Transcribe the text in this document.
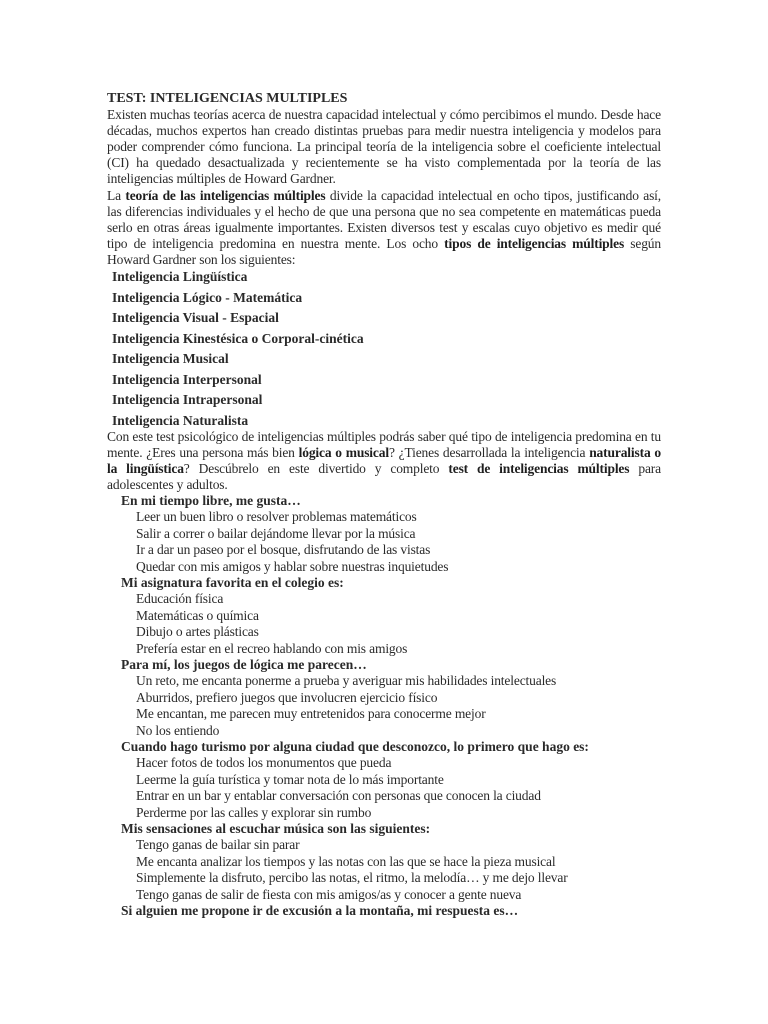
TEST: INTELIGENCIAS MULTIPLES

Existen muchas teorías acerca de nuestra capacidad intelectual y cómo percibimos el mundo. Desde hace décadas, muchos expertos han creado distintas pruebas para medir nuestra inteligencia y modelos para poder comprender cómo funciona. La principal teoría de la inteligencia sobre el coeficiente intelectual (CI) ha quedado desactualizada y recientemente se ha visto complementada por la teoría de las inteligencias múltiples de Howard Gardner.

La teoría de las inteligencias múltiples divide la capacidad intelectual en ocho tipos, justificando así, las diferencias individuales y el hecho de que una persona que no sea competente en matemáticas pueda serlo en otras áreas igualmente importantes. Existen diversos test y escalas cuyo objetivo es medir qué tipo de inteligencia predomina en nuestra mente. Los ocho tipos de inteligencias múltiples según Howard Gardner son los siguientes:

Inteligencia Lingüística
Inteligencia Lógico - Matemática
Inteligencia Visual - Espacial
Inteligencia Kinestésica o Corporal-cinética
Inteligencia Musical
Inteligencia Interpersonal
Inteligencia Intrapersonal
Inteligencia Naturalista

Con este test psicológico de inteligencias múltiples podrás saber qué tipo de inteligencia predomina en tu mente. ¿Eres una persona más bien lógica o musical? ¿Tienes desarrollada la inteligencia naturalista o la lingüística? Descúbrelo en este divertido y completo test de inteligencias múltiples para adolescentes y adultos.

En mi tiempo libre, me gusta…
Leer un buen libro o resolver problemas matemáticos
Salir a correr o bailar dejándome llevar por la música
Ir a dar un paseo por el bosque, disfrutando de las vistas
Quedar con mis amigos y hablar sobre nuestras inquietudes
Mi asignatura favorita en el colegio es:
Educación física
Matemáticas o química
Dibujo o artes plásticas
Prefería estar en el recreo hablando con mis amigos
Para mí, los juegos de lógica me parecen…
Un reto, me encanta ponerme a prueba y averiguar mis habilidades intelectuales
Aburridos, prefiero juegos que involucren ejercicio físico
Me encantan, me parecen muy entretenidos para conocerme mejor
No los entiendo
Cuando hago turismo por alguna ciudad que desconozco, lo primero que hago es:
Hacer fotos de todos los monumentos que pueda
Leerme la guía turística y tomar nota de lo más importante
Entrar en un bar y entablar conversación con personas que conocen la ciudad
Perderme por las calles y explorar sin rumbo
Mis sensaciones al escuchar música son las siguientes:
Tengo ganas de bailar sin parar
Me encanta analizar los tiempos y las notas con las que se hace la pieza musical
Simplemente la disfruto, percibo las notas, el ritmo, la melodía… y me dejo llevar
Tengo ganas de salir de fiesta con mis amigos/as y conocer a gente nueva
Si alguien me propone ir de excusión a la montaña, mi respuesta es…
